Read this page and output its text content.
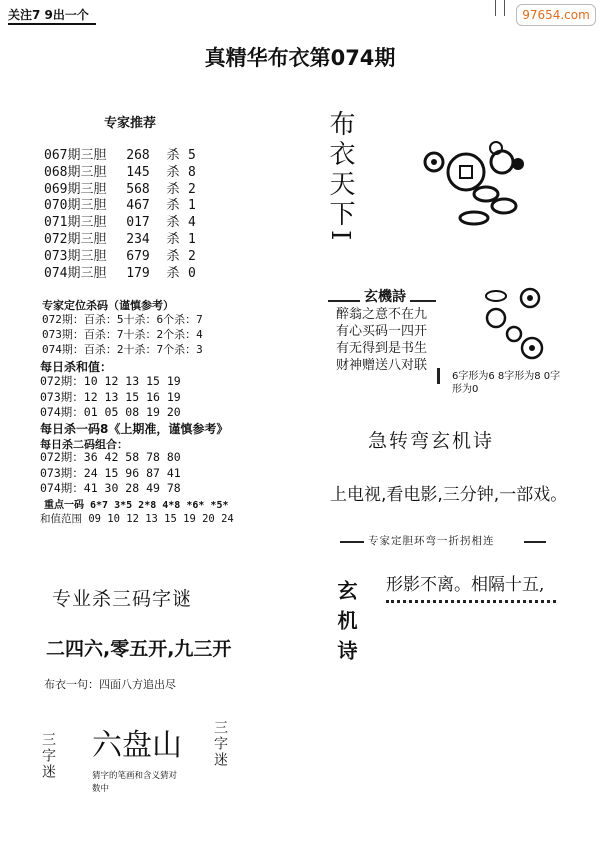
关注7 9出一个	97654.com
真精华布衣第074期
专家推荐
067期三胆 268 杀 5
068期三胆 145 杀 8
069期三胆 568 杀 2
070期三胆 467 杀 1
071期三胆 017 杀 4
072期三胆 234 杀 1
073期三胆 679 杀 2
074期三胆 179 杀 0
专家定位杀码（谨慎参考）
072期：百杀：5十杀：6个杀：7
073期：百杀：7十杀：2个杀：4
074期：百杀：2十杀：7个杀：3
每日杀和值：
072期：10 12 13 15 19
073期：12 13 15 16 19
074期：01 05 08 19 20
每日杀一码8《上期准，谨慎参考》
每日杀二码组合：
072期：36 42 58 78 80
073期：24 15 96 87 41
074期：41 30 28 49 78
重点一码 6*7 3*5 2*8 4*8 *6* *5*
和值范围 09 10 12 13 15 19 20 24
专业杀三码字谜
二四六,零五开,九三开
布衣一句：四面八方追出尽
三字迷 六盘山 三字迷
猜字的笔画和含义猜对数中
布衣天下I
玄機詩
醉翁之意不在九
有心买码一四开
有无得到是书生
财神赠送八对联
6字形为6 8字形为8 0字形为0
急转弯玄机诗
上电视,看电影,三分钟,一部戏。
专家定胆环弯一折拐相连
玄机诗 形影不离。相隔十五,
